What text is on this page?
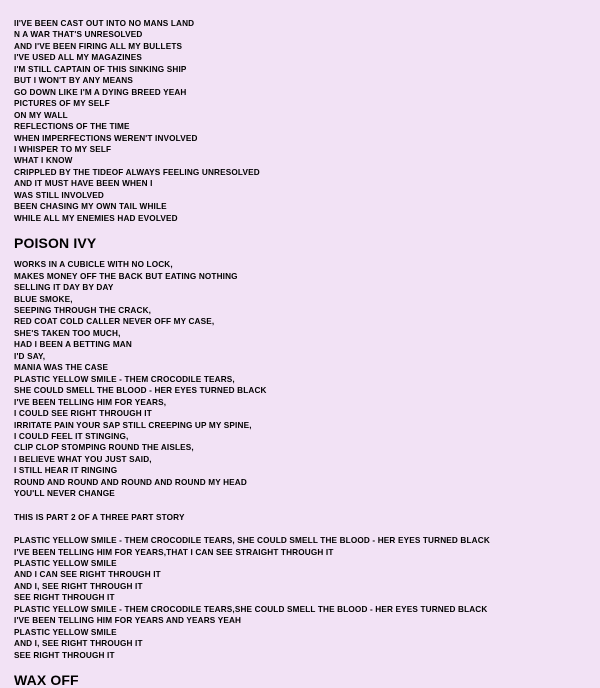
II'VE BEEN CAST OUT INTO NO MANS LAND
N A WAR THAT'S UNRESOLVED
AND I'VE BEEN FIRING ALL MY BULLETS
I'VE USED ALL MY MAGAZINES
I'M STILL CAPTAIN OF THIS SINKING SHIP
BUT I WON'T BY ANY MEANS
GO DOWN LIKE I'M A DYING BREED YEAH
PICTURES OF MY SELF
ON MY WALL
REFLECTIONS OF THE TIME
WHEN IMPERFECTIONS WEREN'T INVOLVED
I WHISPER TO MY SELF
WHAT I KNOW
CRIPPLED BY THE TIDEOF ALWAYS FEELING UNRESOLVED
AND IT MUST HAVE BEEN WHEN I
WAS STILL INVOLVED
BEEN CHASING MY OWN TAIL WHILE
WHILE ALL MY ENEMIES HAD EVOLVED
POISON IVY
WORKS IN A CUBICLE WITH NO LOCK,
MAKES MONEY OFF THE BACK BUT EATING NOTHING
SELLING IT DAY BY DAY
BLUE SMOKE,
SEEPING THROUGH THE CRACK,
RED COAT COLD CALLER NEVER OFF MY CASE,
SHE'S TAKEN TOO MUCH,
HAD I BEEN A BETTING MAN
I'D SAY,
MANIA WAS THE CASE
PLASTIC YELLOW SMILE - THEM CROCODILE TEARS,
SHE COULD SMELL THE BLOOD - HER EYES TURNED BLACK
I'VE BEEN TELLING HIM FOR YEARS,
I COULD SEE RIGHT THROUGH IT
IRRITATE PAIN YOUR SAP STILL CREEPING UP MY SPINE,
I COULD FEEL IT STINGING,
CLIP CLOP STOMPING ROUND THE AISLES,
I BELIEVE WHAT YOU JUST SAID,
I STILL HEAR IT RINGING
ROUND AND ROUND AND ROUND AND ROUND MY HEAD
YOU'LL NEVER CHANGE
THIS IS PART 2 OF A THREE PART STORY
PLASTIC YELLOW SMILE - THEM CROCODILE TEARS, SHE COULD SMELL THE BLOOD - HER EYES TURNED BLACK
I'VE BEEN TELLING HIM FOR YEARS,THAT I CAN SEE STRAIGHT THROUGH IT
PLASTIC YELLOW SMILE
AND I CAN SEE RIGHT THROUGH IT
AND I, SEE RIGHT THROUGH IT
SEE RIGHT THROUGH IT
PLASTIC YELLOW SMILE - THEM CROCODILE TEARS,SHE COULD SMELL THE BLOOD - HER EYES TURNED BLACK
I'VE BEEN TELLING HIM FOR YEARS AND YEARS YEAH
PLASTIC YELLOW SMILE
AND I, SEE RIGHT THROUGH IT
SEE RIGHT THROUGH IT
WAX OFF
